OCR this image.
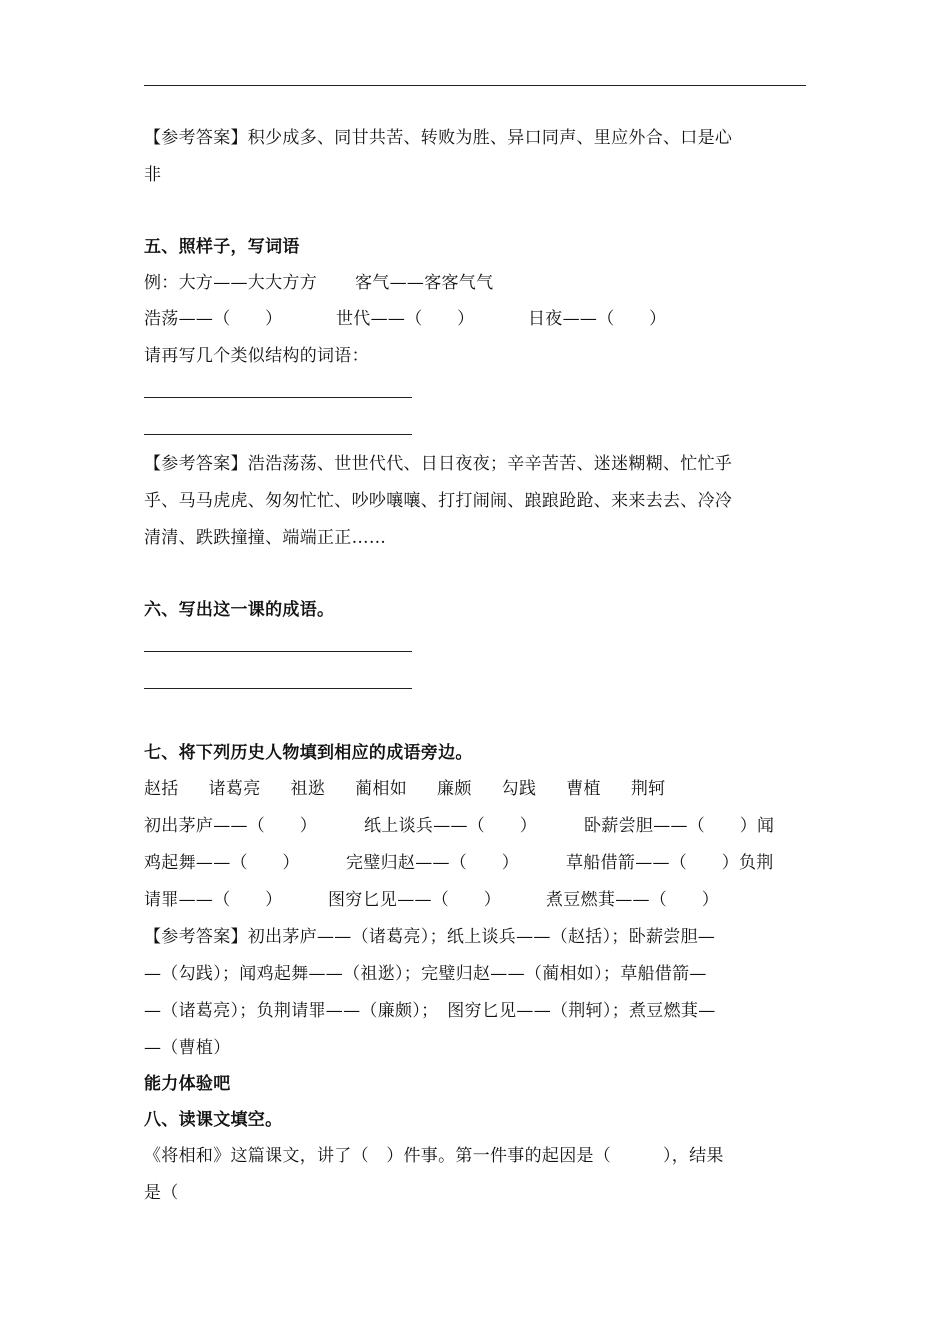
【参考答案】积少成多、同甘共苦、转败为胜、异口同声、里应外合、口是心
非
五、照样子，写词语
例：大方——大大方方 客气——客客气气
浩荡——（　　）	世代——（　　）	日夜——（　　）
请再写几个类似结构的词语：
【参考答案】浩浩荡荡、世世代代、日日夜夜；辛辛苦苦、迷迷糊糊、忙忙乎
乎、马马虎虎、匆匆忙忙、吵吵嚷嚷、打打闹闹、踉踉跄跄、来来去去、冷冷
清清、跌跌撞撞、端端正正……
六、写出这一课的成语。
七、将下列历史人物填到相应的成语旁边。
赵括 诸葛亮 祖逖 蔺相如 廉颇 勾践 曹植 荆轲
初出茅庐——（　　）	纸上谈兵——（　　）	卧薪尝胆——（　　）闻
鸡起舞——（　　）	完璧归赵——（　　）	草船借箭——（　　）负荆
请罪——（　　）	图穷匕见——（　　）	煮豆燃萁——（　　）
【参考答案】初出茅庐——（诸葛亮）；纸上谈兵——（赵括）；卧薪尝胆—
—（勾践）；闻鸡起舞——（祖逖）；完璧归赵——（蔺相如）；草船借箭—
—（诸葛亮）；负荆请罪——（廉颇）；　图穷匕见——（荆轲）；煮豆燃萁—
—（曹植）
能力体验吧
八、读课文填空。
《将相和》这篇课文，讲了（　）件事。第一件事的起因是（　　　），结果
是（
